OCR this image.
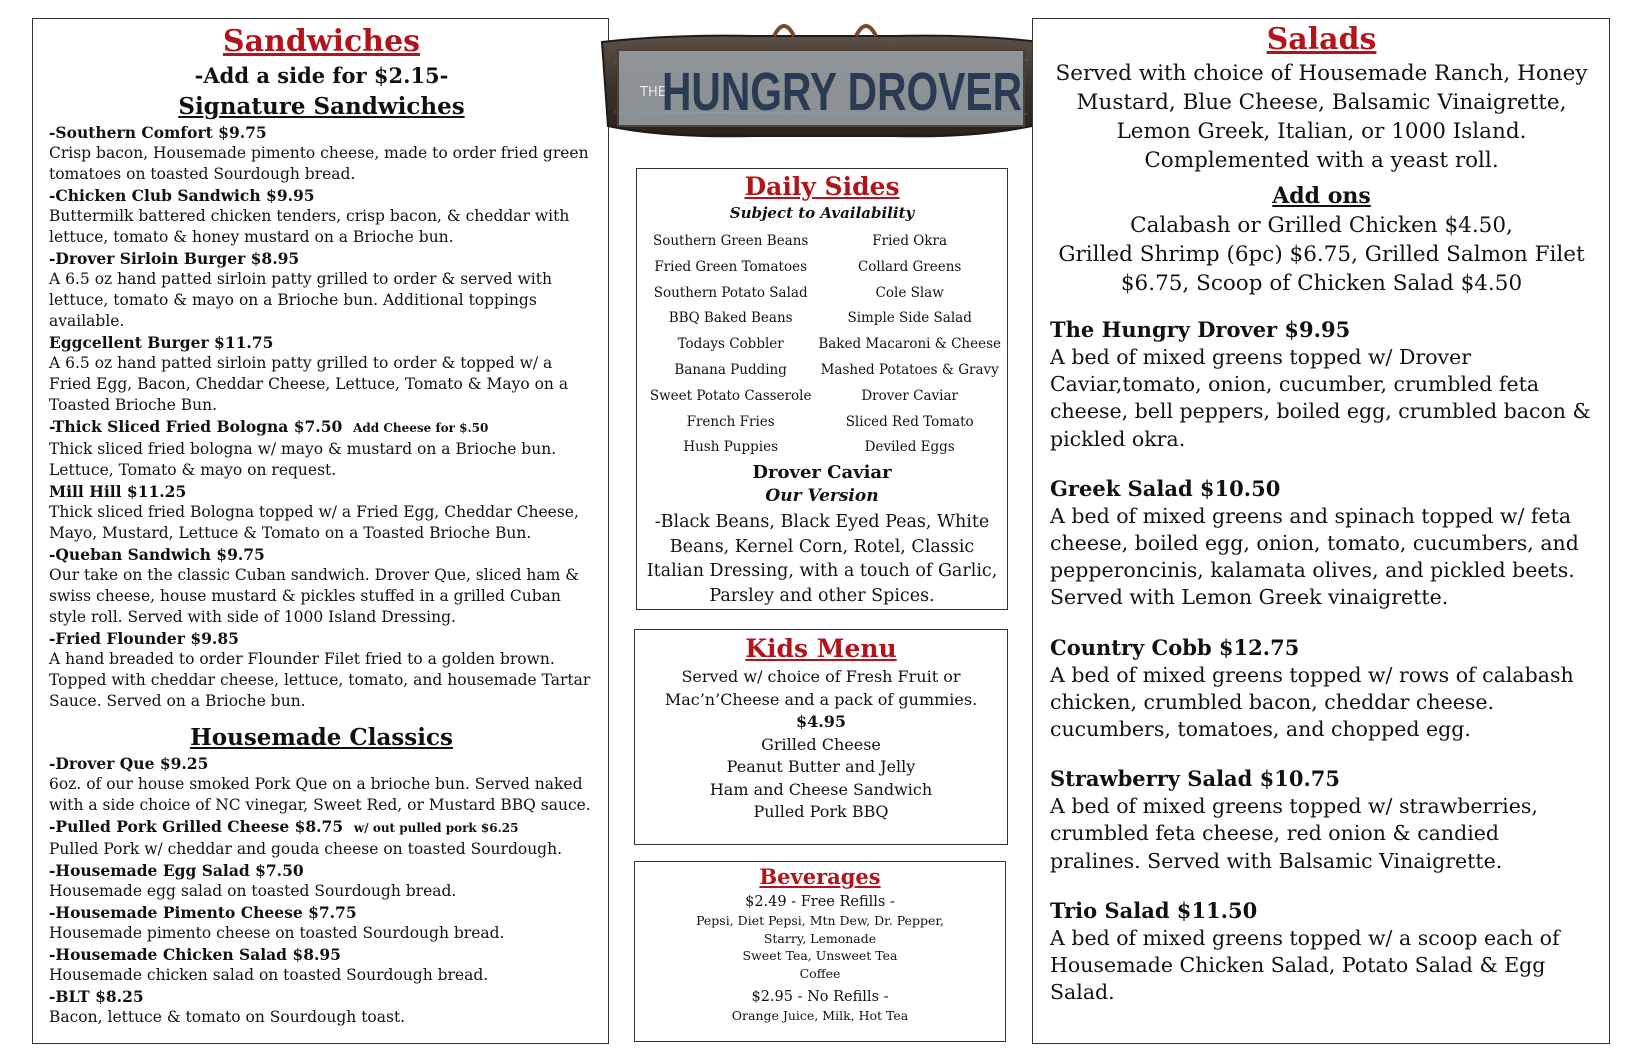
Sandwiches
-Add a side for $2.15-
Signature Sandwiches
-Southern Comfort $9.75
Crisp bacon, Housemade pimento cheese, made to order fried green tomatoes on toasted Sourdough bread.
-Chicken Club Sandwich $9.95
Buttermilk battered chicken tenders, crisp bacon, & cheddar with lettuce, tomato & honey mustard on a Brioche bun.
-Drover Sirloin Burger $8.95
A 6.5 oz hand patted sirloin patty grilled to order & served with lettuce, tomato & mayo on a Brioche bun. Additional toppings available.
Eggcellent Burger $11.75
A 6.5 oz hand patted sirloin patty grilled to order & topped w/ a Fried Egg, Bacon, Cheddar Cheese, Lettuce, Tomato & Mayo on a Toasted Brioche Bun.
-Thick Sliced Fried Bologna $7.50 Add Cheese for $.50
Thick sliced fried bologna w/ mayo & mustard on a Brioche bun. Lettuce, Tomato & mayo on request.
Mill Hill $11.25
Thick sliced fried Bologna topped w/ a Fried Egg, Cheddar Cheese, Mayo, Mustard, Lettuce & Tomato on a Toasted Brioche Bun.
-Queban Sandwich $9.75
Our take on the classic Cuban sandwich. Drover Que, sliced ham & swiss cheese, house mustard & pickles stuffed in a grilled Cuban style roll. Served with side of 1000 Island Dressing.
-Fried Flounder $9.85
A hand breaded to order Flounder Filet fried to a golden brown. Topped with cheddar cheese, lettuce, tomato, and housemade Tartar Sauce. Served on a Brioche bun.
Housemade Classics
-Drover Que $9.25
6oz. of our house smoked Pork Que on a brioche bun. Served naked with a side choice of NC vinegar, Sweet Red, or Mustard BBQ sauce.
-Pulled Pork Grilled Cheese $8.75 w/ out pulled pork $6.25
Pulled Pork w/ cheddar and gouda cheese on toasted Sourdough.
-Housemade Egg Salad $7.50
Housemade egg salad on toasted Sourdough bread.
-Housemade Pimento Cheese $7.75
Housemade pimento cheese on toasted Sourdough bread.
-Housemade Chicken Salad $8.95
Housemade chicken salad on toasted Sourdough bread.
-BLT $8.25
Bacon, lettuce & tomato on Sourdough toast.
THE
HUNGRY DROVER
Daily Sides
Subject to Availability
Southern Green Beans	Fried Okra
Fried Green Tomatoes	Collard Greens
Southern Potato Salad	Cole Slaw
BBQ Baked Beans	Simple Side Salad
Todays Cobbler	Baked Macaroni & Cheese
Banana Pudding	Mashed Potatoes & Gravy
Sweet Potato Casserole	Drover Caviar
French Fries	Sliced Red Tomato
Hush Puppies	Deviled Eggs
Drover Caviar
Our Version
-Black Beans, Black Eyed Peas, White Beans, Kernel Corn, Rotel, Classic Italian Dressing, with a touch of Garlic, Parsley and other Spices.
Kids Menu
Served w/ choice of Fresh Fruit or
Mac’n’Cheese and a pack of gummies.
$4.95
Grilled Cheese
Peanut Butter and Jelly
Ham and Cheese Sandwich
Pulled Pork BBQ
Beverages
$2.49 - Free Refills -
Pepsi, Diet Pepsi, Mtn Dew, Dr. Pepper,
Starry, Lemonade
Sweet Tea, Unsweet Tea
Coffee
$2.95 - No Refills -
Orange Juice, Milk, Hot Tea
Salads
Served with choice of Housemade Ranch, Honey Mustard, Blue Cheese, Balsamic Vinaigrette, Lemon Greek, Italian, or 1000 Island. Complemented with a yeast roll.
Add ons
Calabash or Grilled Chicken $4.50,
Grilled Shrimp (6pc) $6.75, Grilled Salmon Filet
$6.75, Scoop of Chicken Salad $4.50
The Hungry Drover $9.95
A bed of mixed greens topped w/ Drover Caviar,tomato, onion, cucumber, crumbled feta cheese, bell peppers, boiled egg, crumbled bacon & pickled okra.
Greek Salad $10.50
A bed of mixed greens and spinach topped w/ feta cheese, boiled egg, onion, tomato, cucumbers, and pepperoncinis, kalamata olives, and pickled beets. Served with Lemon Greek vinaigrette.
Country Cobb $12.75
A bed of mixed greens topped w/ rows of calabash chicken, crumbled bacon, cheddar cheese. cucumbers, tomatoes, and chopped egg.
Strawberry Salad $10.75
A bed of mixed greens topped w/ strawberries, crumbled feta cheese, red onion & candied pralines. Served with Balsamic Vinaigrette.
Trio Salad $11.50
A bed of mixed greens topped w/ a scoop each of Housemade Chicken Salad, Potato Salad & Egg Salad.
